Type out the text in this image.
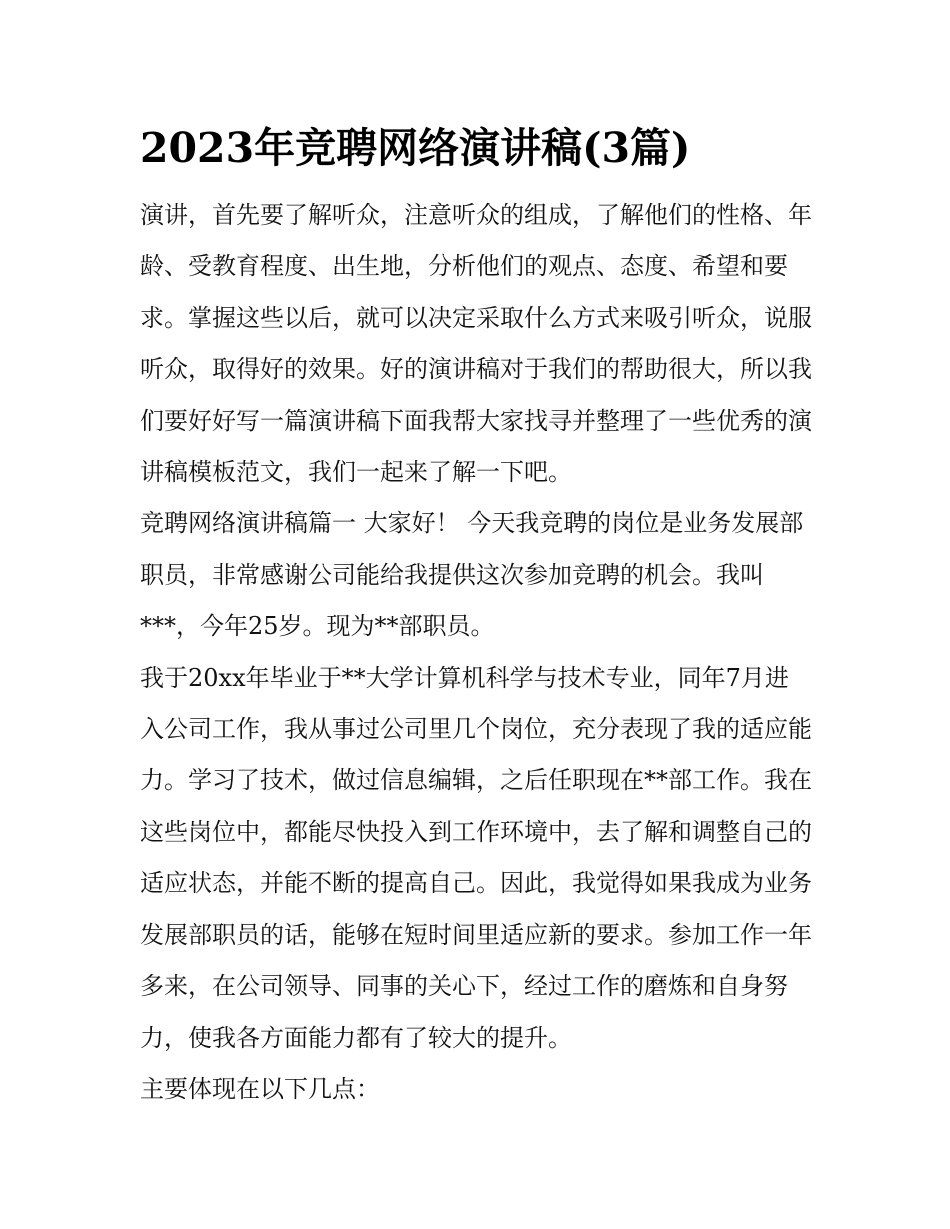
2023年竞聘网络演讲稿(3篇)

演讲，首先要了解听众，注意听众的组成，了解他们的性格、年龄、受教育程度、出生地，分析他们的观点、态度、希望和要求。掌握这些以后，就可以决定采取什么方式来吸引听众，说服听众，取得好的效果。好的演讲稿对于我们的帮助很大，所以我们要好好写一篇演讲稿下面我帮大家找寻并整理了一些优秀的演讲稿模板范文，我们一起来了解一下吧。

竞聘网络演讲稿篇一 大家好！ 今天我竞聘的岗位是业务发展部职员，非常感谢公司能给我提供这次参加竞聘的机会。我叫***，今年25岁。现为**部职员。

我于20xx年毕业于**大学计算机科学与技术专业，同年7月进入公司工作，我从事过公司里几个岗位，充分表现了我的适应能力。学习了技术，做过信息编辑，之后任职现在**部工作。我在这些岗位中，都能尽快投入到工作环境中，去了解和调整自己的适应状态，并能不断的提高自己。因此，我觉得如果我成为业务发展部职员的话，能够在短时间里适应新的要求。参加工作一年多来，在公司领导、同事的关心下，经过工作的磨炼和自身努力，使我各方面能力都有了较大的提升。

主要体现在以下几点：
